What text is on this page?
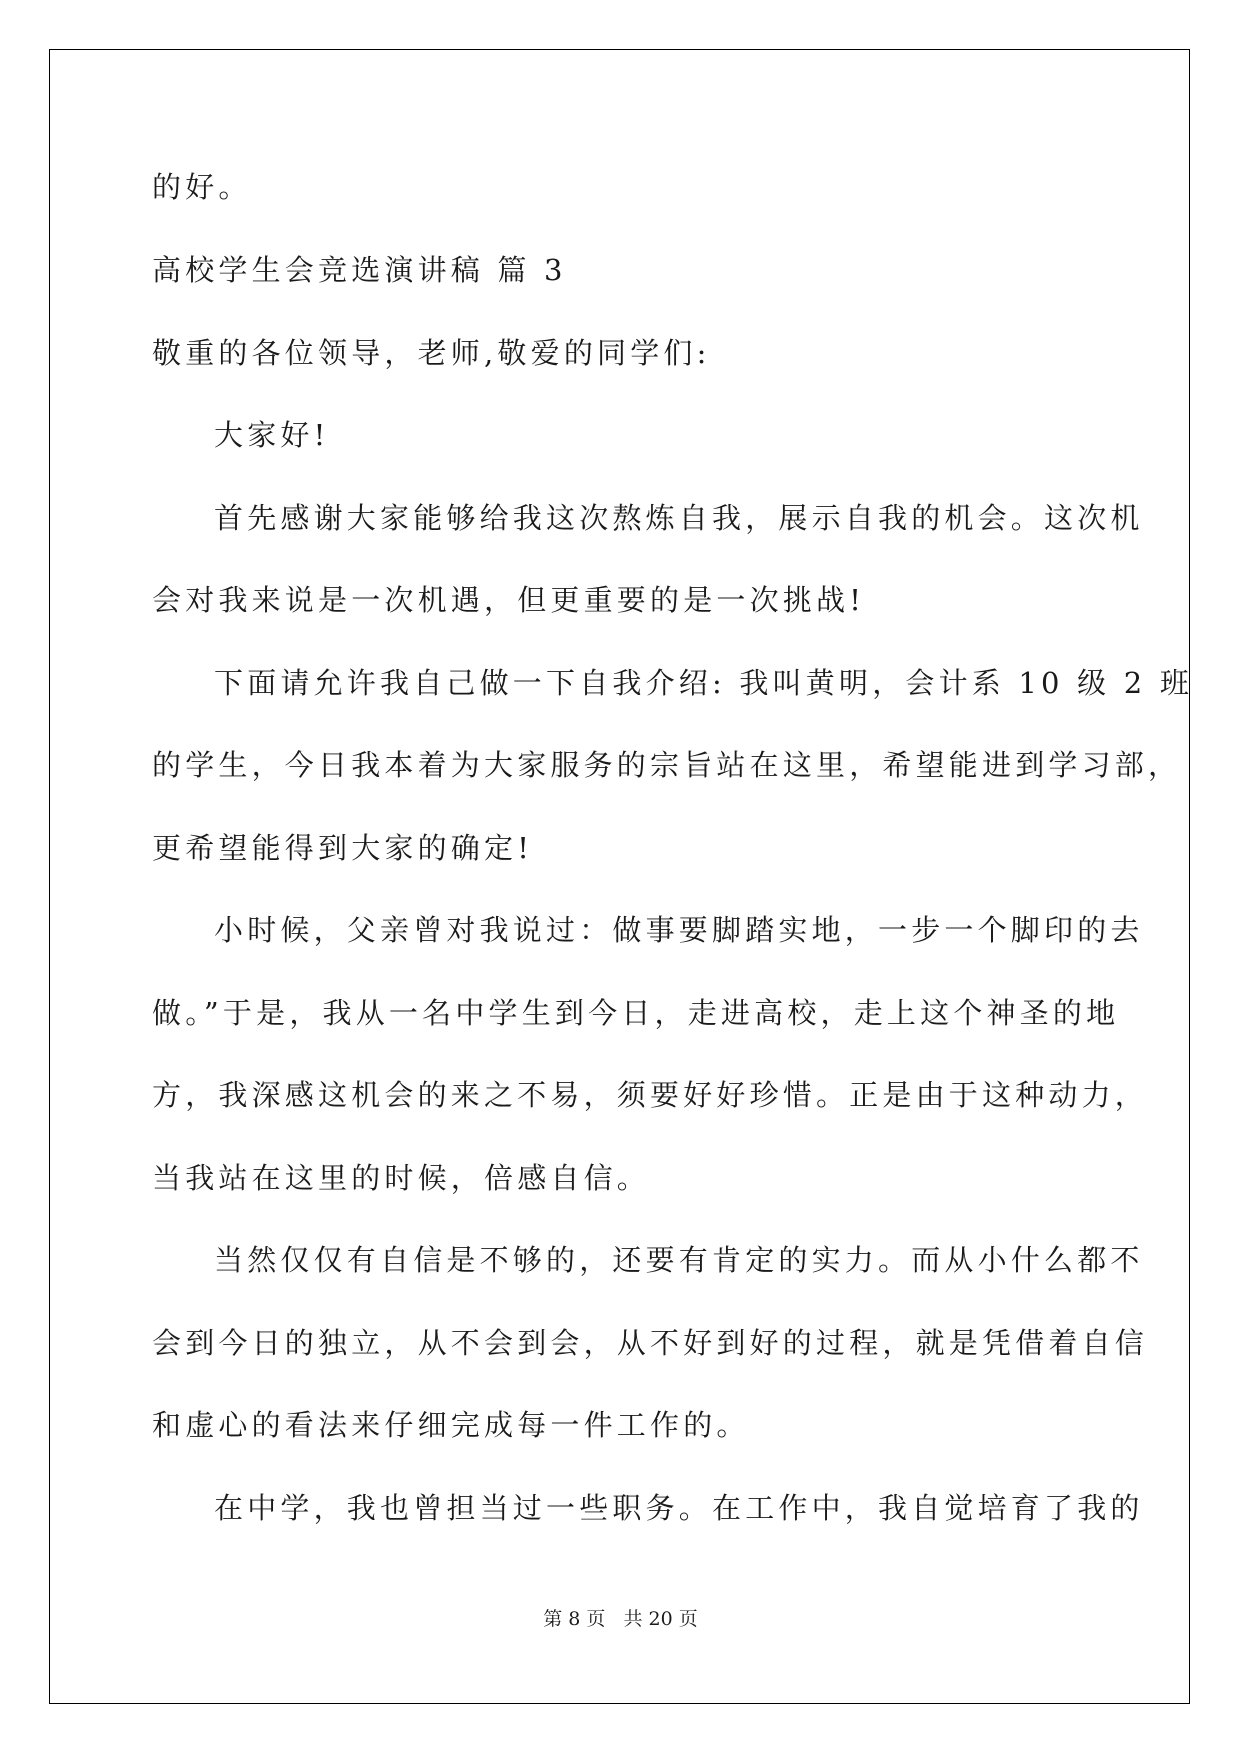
的好。
高校学生会竞选演讲稿 篇 3
敬重的各位领导，老师,敬爱的同学们:
大家好!
首先感谢大家能够给我这次熬炼自我，展示自我的机会。这次机
会对我来说是一次机遇，但更重要的是一次挑战!
下面请允许我自己做一下自我介绍: 我叫黄明，会计系 10 级 2 班
的学生，今日我本着为大家服务的宗旨站在这里，希望能进到学习部，
更希望能得到大家的确定!
小时候，父亲曾对我说过：做事要脚踏实地，一步一个脚印的去
做。”于是，我从一名中学生到今日，走进高校，走上这个神圣的地
方，我深感这机会的来之不易，须要好好珍惜。正是由于这种动力，
当我站在这里的时候，倍感自信。
当然仅仅有自信是不够的，还要有肯定的实力。而从小什么都不
会到今日的独立，从不会到会，从不好到好的过程，就是凭借着自信
和虚心的看法来仔细完成每一件工作的。
在中学，我也曾担当过一些职务。在工作中，我自觉培育了我的
第 8 页 共 20 页
